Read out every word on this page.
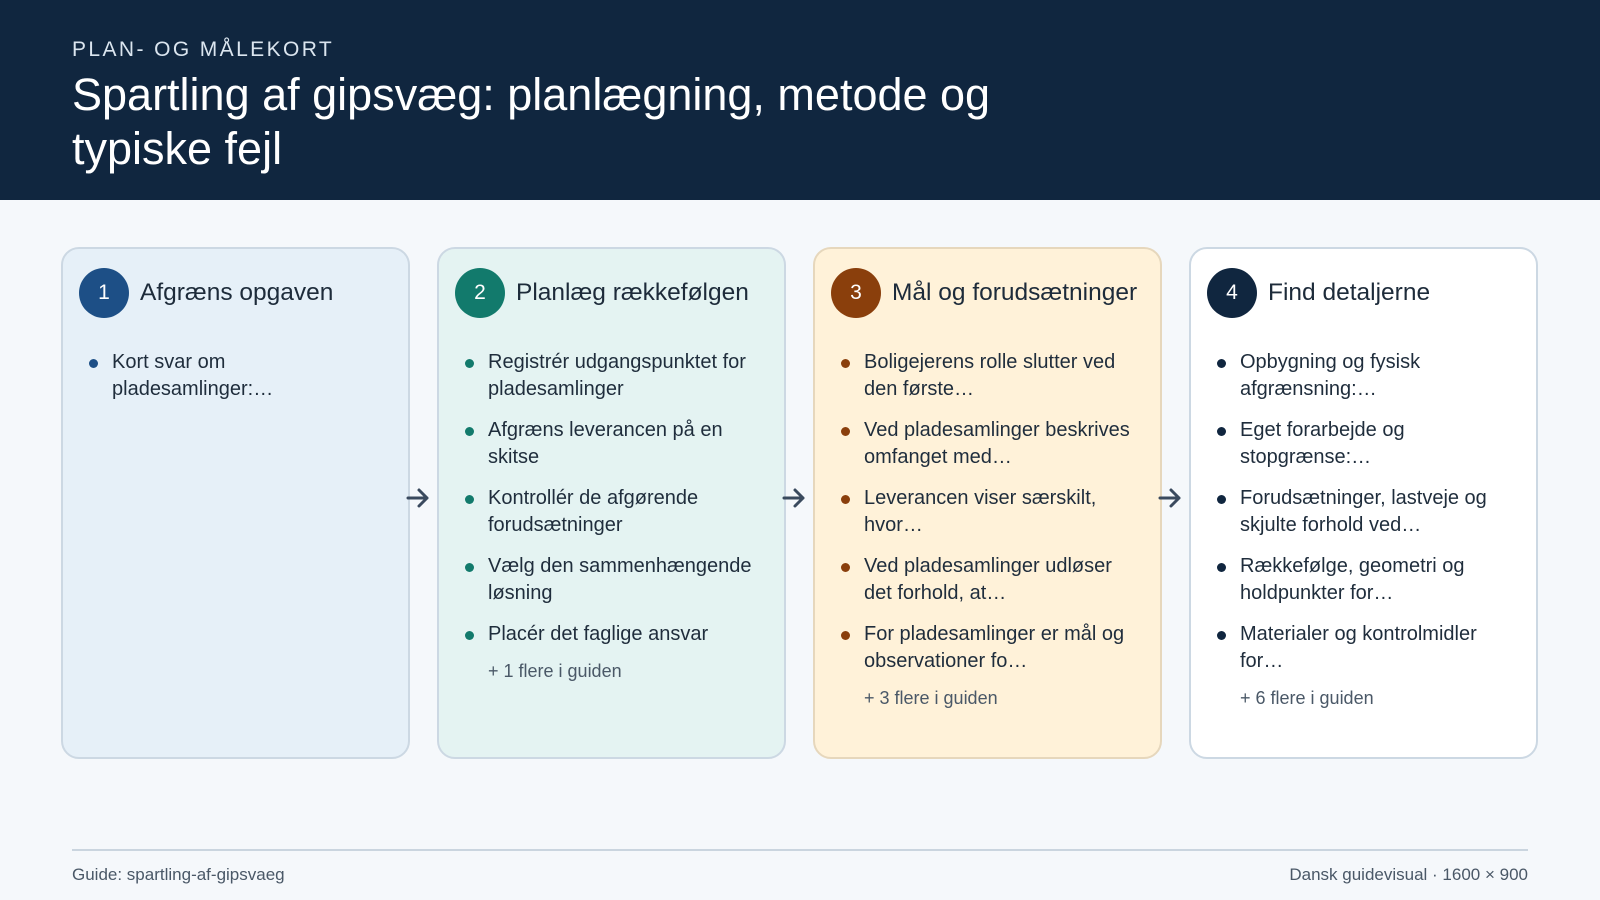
PLAN- OG MÅLEKORT
Spartling af gipsvæg: planlægning, metode og typiske fejl
1	Afgræns opgaven
Kort svar om pladesamlinger:…
2	Planlæg rækkefølgen
Registrér udgangspunktet for pladesamlinger
Afgræns leverancen på en skitse
Kontrollér de afgørende forudsætninger
Vælg den sammenhængende løsning
Placér det faglige ansvar
+ 1 flere i guiden
3	Mål og forudsætninger
Boligejerens rolle slutter ved den første…
Ved pladesamlinger beskrives omfanget med…
Leverancen viser særskilt, hvor…
Ved pladesamlinger udløser det forhold, at…
For pladesamlinger er mål og observationer fo…
+ 3 flere i guiden
4	Find detaljerne
Opbygning og fysisk afgrænsning:…
Eget forarbejde og stopgrænse:…
Forudsætninger, lastveje og skjulte forhold ved…
Rækkefølge, geometri og holdpunkter for…
Materialer og kontrolmidler for…
+ 6 flere i guiden
Guide: spartling-af-gipsvaeg	Dansk guidevisual · 1600 × 900
